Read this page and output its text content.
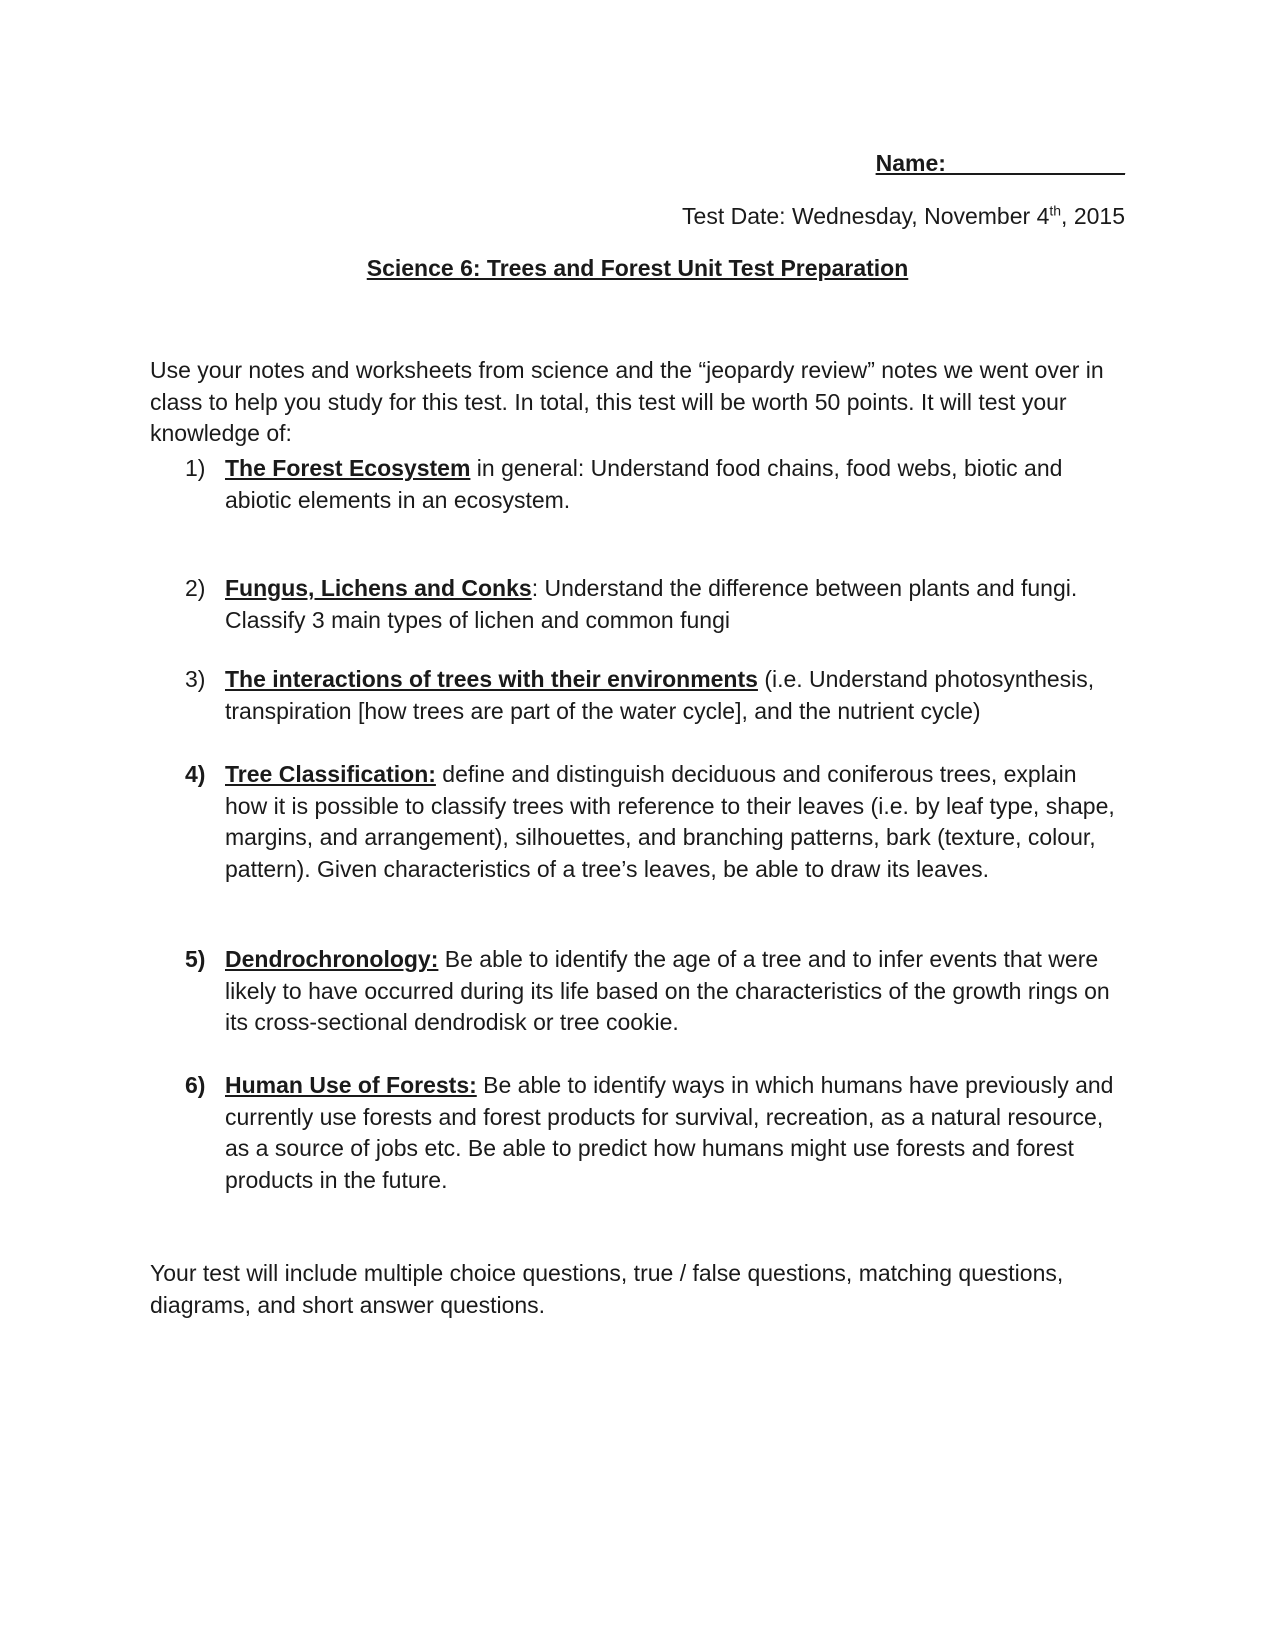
Name:______________
Test Date: Wednesday, November 4th, 2015
Science 6: Trees and Forest Unit Test Preparation

Use your notes and worksheets from science and the “jeopardy review” notes we went over in class to help you study for this test. In total, this test will be worth 50 points. It will test your knowledge of:

1) The Forest Ecosystem in general: Understand food chains, food webs, biotic and abiotic elements in an ecosystem.
2) Fungus, Lichens and Conks: Understand the difference between plants and fungi. Classify 3 main types of lichen and common fungi
3) The interactions of trees with their environments (i.e. Understand photosynthesis, transpiration [how trees are part of the water cycle], and the nutrient cycle)
4) Tree Classification: define and distinguish deciduous and coniferous trees, explain how it is possible to classify trees with reference to their leaves (i.e. by leaf type, shape, margins, and arrangement), silhouettes, and branching patterns, bark (texture, colour, pattern). Given characteristics of a tree’s leaves, be able to draw its leaves.
5) Dendrochronology: Be able to identify the age of a tree and to infer events that were likely to have occurred during its life based on the characteristics of the growth rings on its cross-sectional dendrodisk or tree cookie.
6) Human Use of Forests: Be able to identify ways in which humans have previously and currently use forests and forest products for survival, recreation, as a natural resource, as a source of jobs etc. Be able to predict how humans might use forests and forest products in the future.

Your test will include multiple choice questions, true / false questions, matching questions, diagrams, and short answer questions.
